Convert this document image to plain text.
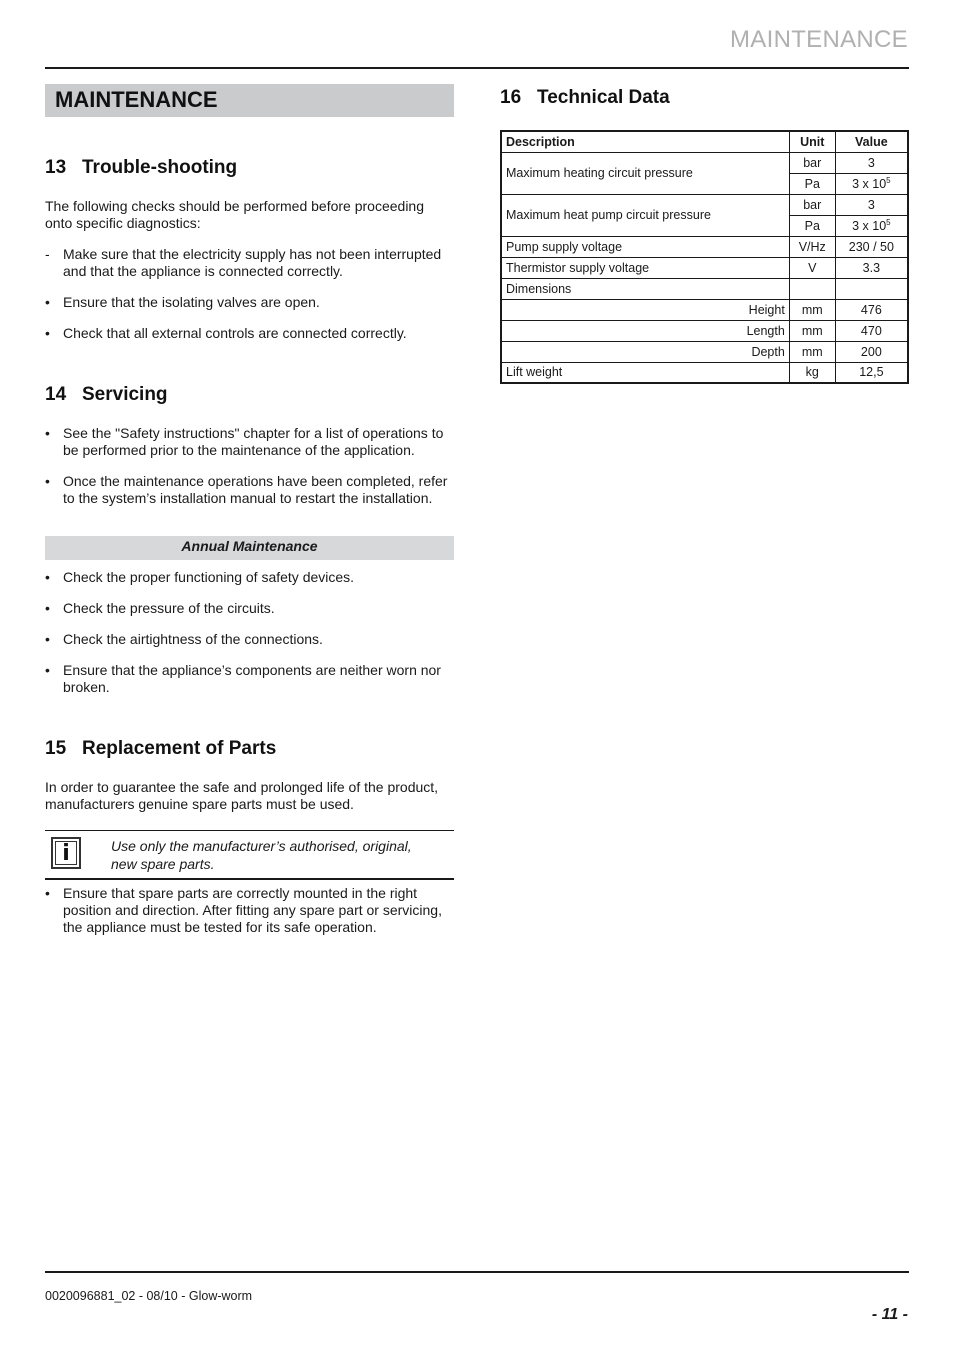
MAINTENANCE
MAINTENANCE
13 Trouble-shooting

The following checks should be performed before proceeding onto specific diagnostics:

- Make sure that the electricity supply has not been interrupted and that the appliance is connected correctly.
• Ensure that the isolating valves are open.
• Check that all external controls are connected correctly.
14 Servicing
• See the "Safety instructions" chapter for a list of operations to be performed prior to the maintenance of the application.
• Once the maintenance operations have been completed, refer to the system’s installation manual to restart the installation.
Annual Maintenance
• Check the proper functioning of safety devices.
• Check the pressure of the circuits.
• Check the airtightness of the connections.
• Ensure that the appliance’s components are neither worn nor broken.
15 Replacement of Parts

In order to guarantee the safe and prolonged life of the product, manufacturers genuine spare parts must be used.

i	Use only the manufacturer’s authorised, original, new spare parts.
• Ensure that spare parts are correctly mounted in the right position and direction. After fitting any spare part or servicing, the appliance must be tested for its safe operation.
16 Technical Data
Description	Unit	Value
Maximum heating circuit pressure	bar	3
	Pa	3 x $10^5$
Maximum heat pump circuit pressure	bar	3
	Pa	3 x $10^5$
Pump supply voltage	V/Hz	230 / 50
Thermistor supply voltage	V	3.3
Dimensions		
Height	mm	476
Length	mm	470
Depth	mm	200
Lift weight	kg	12,5
0020096881_02 - 08/10 - Glow-worm
- 11 -
